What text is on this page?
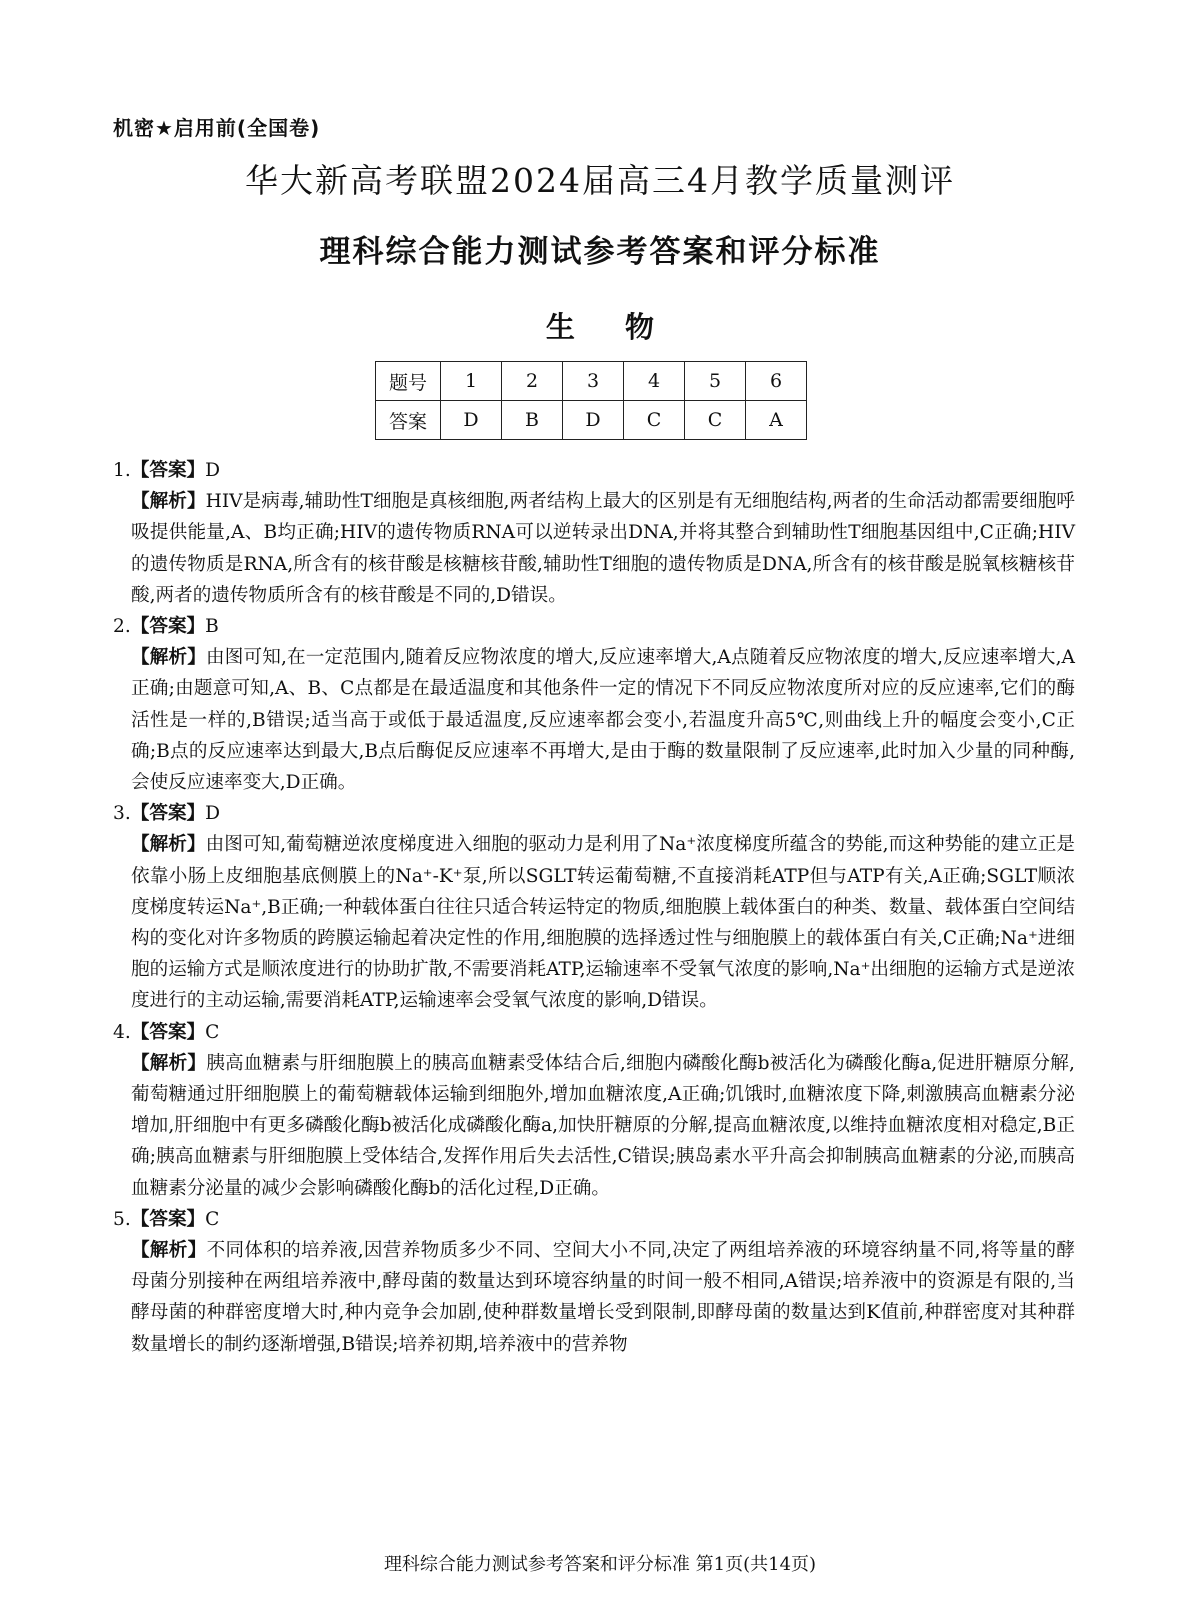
机密★启用前(全国卷)
华大新高考联盟2024届高三4月教学质量测评
理科综合能力测试参考答案和评分标准
生 物
题号	1	2	3	4	5	6
答案	D	B	D	C	C	A

1.【答案】D

【解析】HIV是病毒,辅助性T细胞是真核细胞,两者结构上最大的区别是有无细胞结构,两者的生命活动都需要细胞呼吸提供能量,A、B均正确;HIV的遗传物质RNA可以逆转录出DNA,并将其整合到辅助性T细胞基因组中,C正确;HIV的遗传物质是RNA,所含有的核苷酸是核糖核苷酸,辅助性T细胞的遗传物质是DNA,所含有的核苷酸是脱氧核糖核苷酸,两者的遗传物质所含有的核苷酸是不同的,D错误。

2.【答案】B

【解析】由图可知,在一定范围内,随着反应物浓度的增大,反应速率增大,A点随着反应物浓度的增大,反应速率增大,A正确;由题意可知,A、B、C点都是在最适温度和其他条件一定的情况下不同反应物浓度所对应的反应速率,它们的酶活性是一样的,B错误;适当高于或低于最适温度,反应速率都会变小,若温度升高5℃,则曲线上升的幅度会变小,C正确;B点的反应速率达到最大,B点后酶促反应速率不再增大,是由于酶的数量限制了反应速率,此时加入少量的同种酶,会使反应速率变大,D正确。

3.【答案】D

【解析】由图可知,葡萄糖逆浓度梯度进入细胞的驱动力是利用了Na⁺浓度梯度所蕴含的势能,而这种势能的建立正是依靠小肠上皮细胞基底侧膜上的Na⁺-K⁺泵,所以SGLT转运葡萄糖,不直接消耗ATP但与ATP有关,A正确;SGLT顺浓度梯度转运Na⁺,B正确;一种载体蛋白往往只适合转运特定的物质,细胞膜上载体蛋白的种类、数量、载体蛋白空间结构的变化对许多物质的跨膜运输起着决定性的作用,细胞膜的选择透过性与细胞膜上的载体蛋白有关,C正确;Na⁺进细胞的运输方式是顺浓度进行的协助扩散,不需要消耗ATP,运输速率不受氧气浓度的影响,Na⁺出细胞的运输方式是逆浓度进行的主动运输,需要消耗ATP,运输速率会受氧气浓度的影响,D错误。

4.【答案】C

【解析】胰高血糖素与肝细胞膜上的胰高血糖素受体结合后,细胞内磷酸化酶b被活化为磷酸化酶a,促进肝糖原分解,葡萄糖通过肝细胞膜上的葡萄糖载体运输到细胞外,增加血糖浓度,A正确;饥饿时,血糖浓度下降,刺激胰高血糖素分泌增加,肝细胞中有更多磷酸化酶b被活化成磷酸化酶a,加快肝糖原的分解,提高血糖浓度,以维持血糖浓度相对稳定,B正确;胰高血糖素与肝细胞膜上受体结合,发挥作用后失去活性,C错误;胰岛素水平升高会抑制胰高血糖素的分泌,而胰高血糖素分泌量的减少会影响磷酸化酶b的活化过程,D正确。

5.【答案】C

【解析】不同体积的培养液,因营养物质多少不同、空间大小不同,决定了两组培养液的环境容纳量不同,将等量的酵母菌分别接种在两组培养液中,酵母菌的数量达到环境容纳量的时间一般不相同,A错误;培养液中的资源是有限的,当酵母菌的种群密度增大时,种内竞争会加剧,使种群数量增长受到限制,即酵母菌的数量达到K值前,种群密度对其种群数量增长的制约逐渐增强,B错误;培养初期,培养液中的营养物

理科综合能力测试参考答案和评分标准 第1页(共14页)
